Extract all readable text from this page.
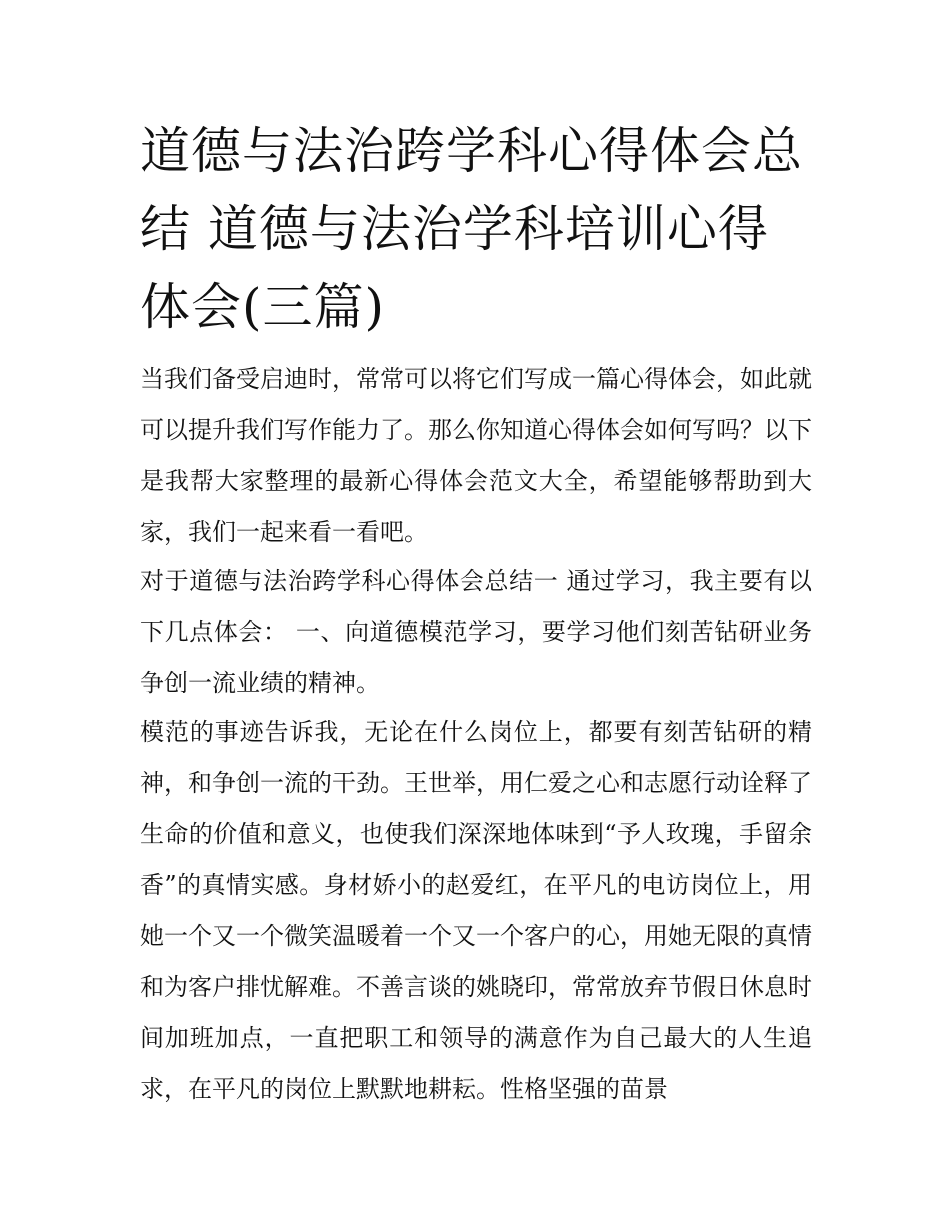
道德与法治跨学科心得体会总结 道德与法治学科培训心得体会(三篇)

当我们备受启迪时，常常可以将它们写成一篇心得体会，如此就可以提升我们写作能力了。那么你知道心得体会如何写吗？以下是我帮大家整理的最新心得体会范文大全，希望能够帮助到大家，我们一起来看一看吧。

对于道德与法治跨学科心得体会总结一 通过学习，我主要有以下几点体会： 一、向道德模范学习，要学习他们刻苦钻研业务争创一流业绩的精神。

模范的事迹告诉我，无论在什么岗位上，都要有刻苦钻研的精神，和争创一流的干劲。王世举，用仁爱之心和志愿行动诠释了生命的价值和意义，也使我们深深地体味到“予人玫瑰，手留余香”的真情实感。身材娇小的赵爱红，在平凡的电访岗位上，用她一个又一个微笑温暖着一个又一个客户的心，用她无限的真情和为客户排忧解难。不善言谈的姚晓印，常常放弃节假日休息时间加班加点，一直把职工和领导的满意作为自己最大的人生追求，在平凡的岗位上默默地耕耘。性格坚强的苗景
